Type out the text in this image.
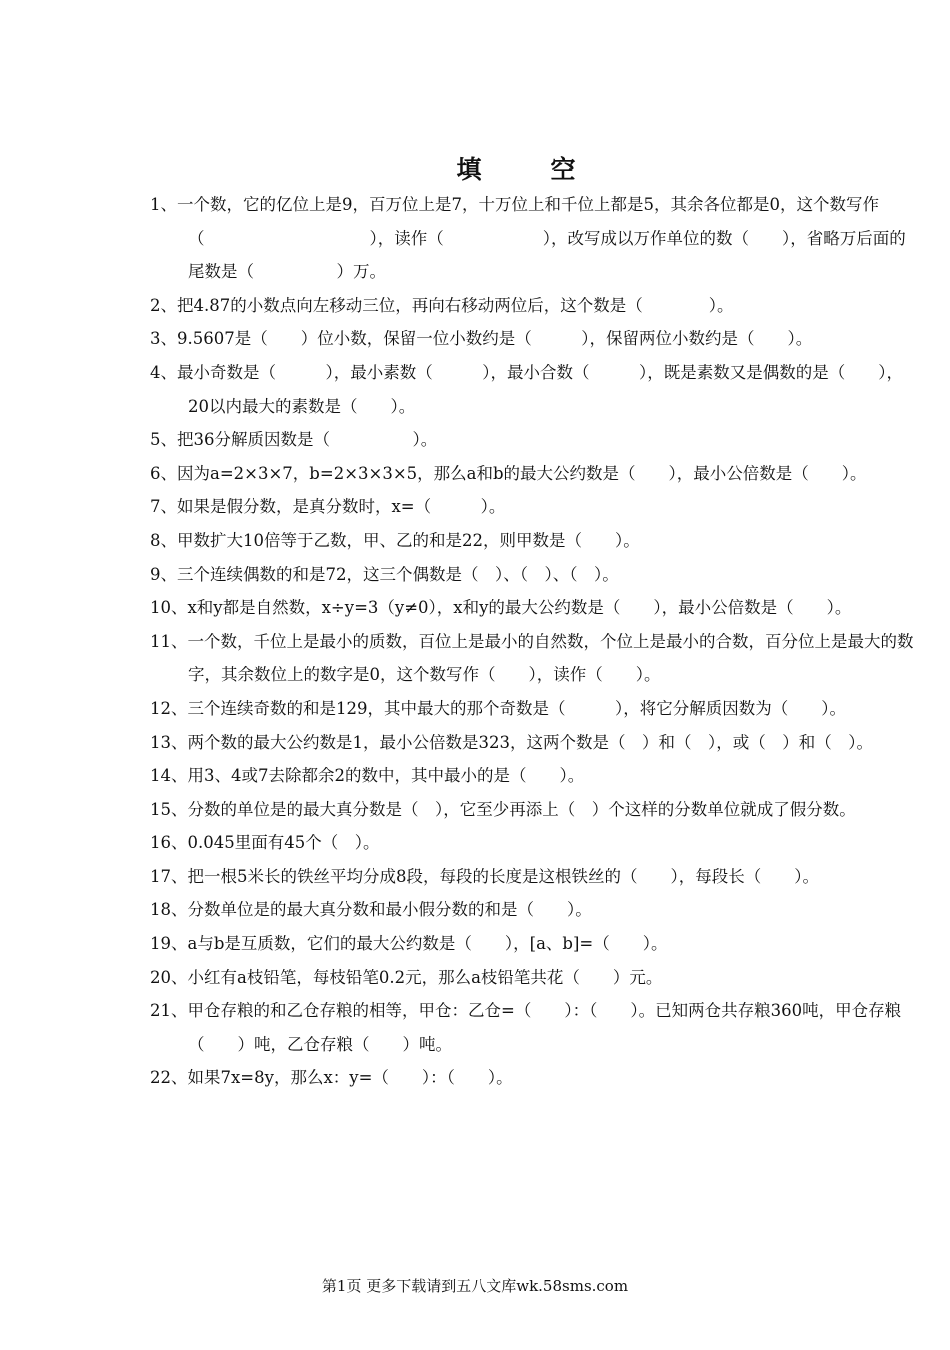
填　空

1、一个数，它的亿位上是9，百万位上是7，十万位上和千位上都是5，其余各位都是0，这个数写作（　　　　　　　　　　），读作（　　　　　　），改写成以万作单位的数（　　），省略万后面的尾数是（　　　　　）万。

2、把4.87的小数点向左移动三位，再向右移动两位后，这个数是（　　　　）。

3、9.5607是（　　）位小数，保留一位小数约是（　　　），保留两位小数约是（　　）。

4、最小奇数是（　　　），最小素数（　　　），最小合数（　　　），既是素数又是偶数的是（　　），20以内最大的素数是（　　）。

5、把36分解质因数是（　　　　　）。

6、因为a=2×3×7，b=2×3×3×5，那么a和b的最大公约数是（　　），最小公倍数是（　　）。

7、如果是假分数，是真分数时，x=（　　　）。

8、甲数扩大10倍等于乙数，甲、乙的和是22，则甲数是（　　）。

9、三个连续偶数的和是72，这三个偶数是（　）、（　）、（　）。

10、x和y都是自然数，x÷y=3（y≠0），x和y的最大公约数是（　　），最小公倍数是（　　）。

11、一个数，千位上是最小的质数，百位上是最小的自然数，个位上是最小的合数，百分位上是最大的数字，其余数位上的数字是0，这个数写作（　　），读作（　　）。

12、三个连续奇数的和是129，其中最大的那个奇数是（　　　），将它分解质因数为（　　）。

13、两个数的最大公约数是1，最小公倍数是323，这两个数是（　）和（　），或（　）和（　）。

14、用3、4或7去除都余2的数中，其中最小的是（　　）。

15、分数的单位是的最大真分数是（　），它至少再添上（　）个这样的分数单位就成了假分数。

16、0.045里面有45个（　）。

17、把一根5米长的铁丝平均分成8段，每段的长度是这根铁丝的（　　），每段长（　　）。

18、分数单位是的最大真分数和最小假分数的和是（　　）。

19、a与b是互质数，它们的最大公约数是（　　），[a、b]=（　　）。

20、小红有a枝铅笔，每枝铅笔0.2元，那么a枝铅笔共花（　　）元。

21、甲仓存粮的和乙仓存粮的相等，甲仓：乙仓=（　　）：（　　）。已知两仓共存粮360吨，甲仓存粮（　　）吨，乙仓存粮（　　）吨。

22、如果7x=8y，那么x：y=（　　）：（　　）。

第1页 更多下载请到五八文库wk.58sms.com
